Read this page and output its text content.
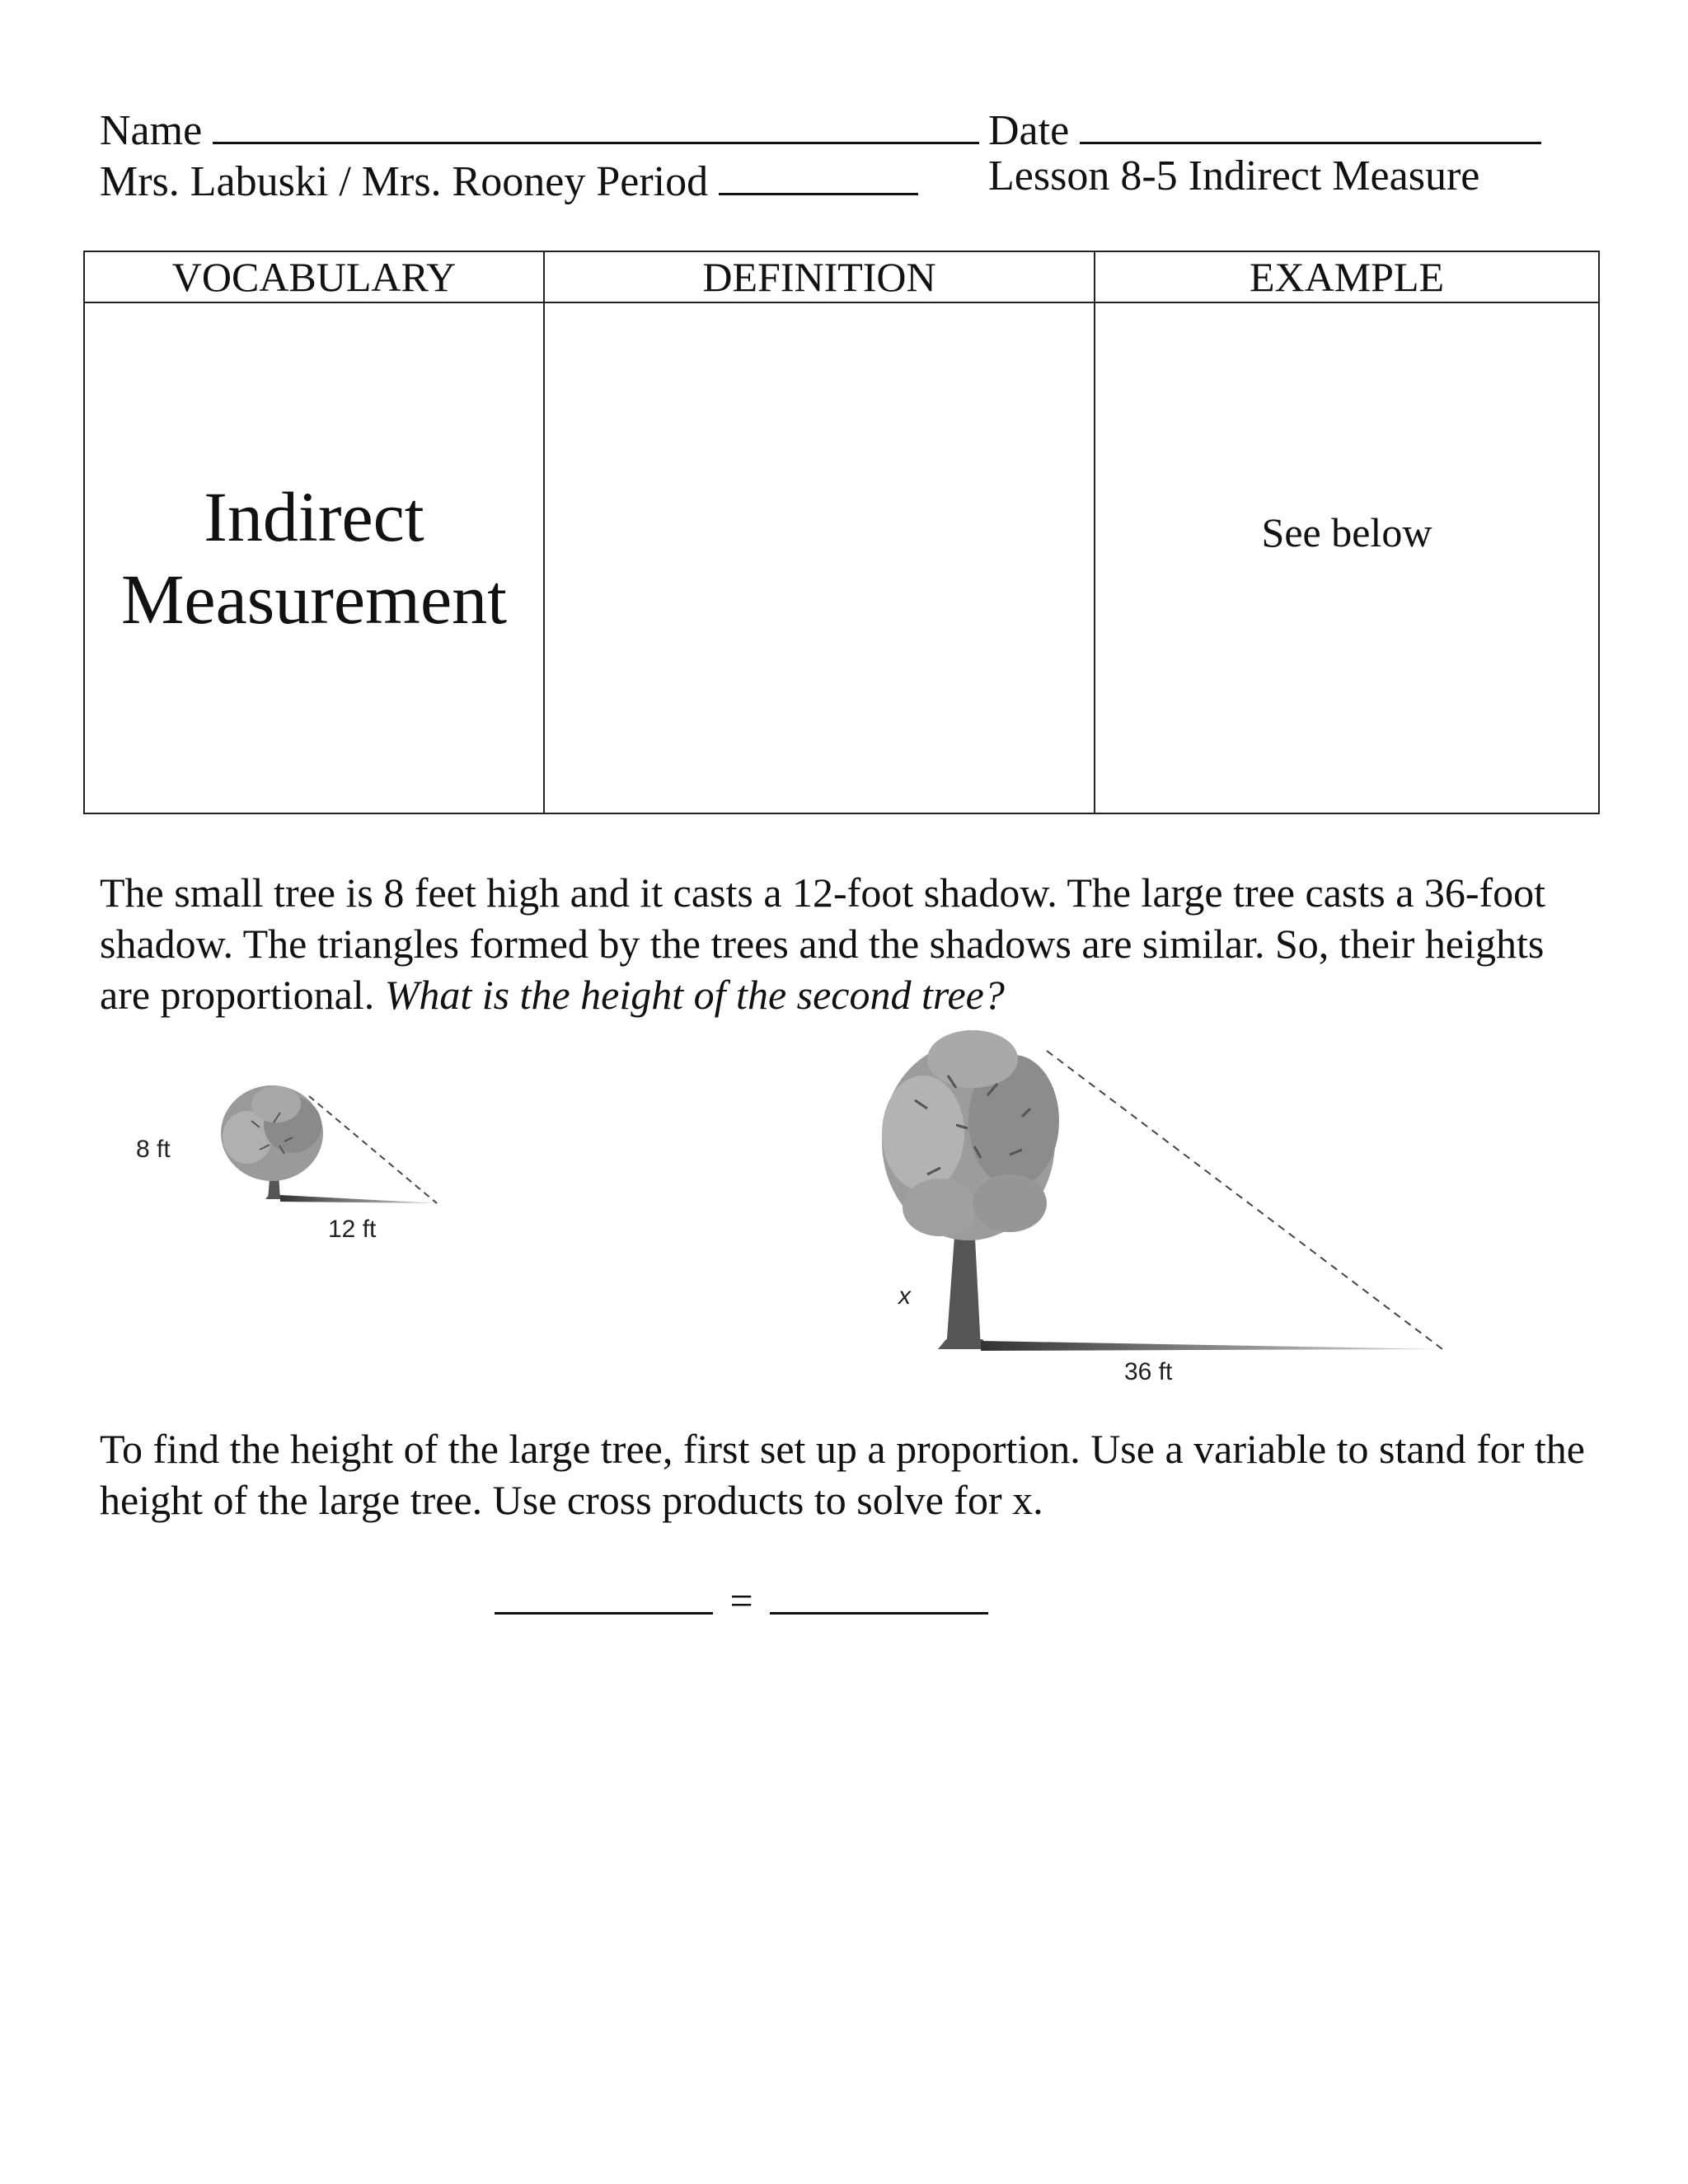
Name	Date
Mrs. Labuski / Mrs. Rooney Period	Lesson 8-5 Indirect Measure
VOCABULARY	DEFINITION	EXAMPLE

Indirect
Measurement		See below
The small tree is 8 feet high and it casts a 12-foot shadow. The large tree casts a 36-foot shadow. The triangles formed by the trees and the shadows are similar. So, their heights are proportional. What is the height of the second tree?
8 ft
12 ft
x
36 ft
To find the height of the large tree, first set up a proportion. Use a variable to stand for the height of the large tree. Use cross products to solve for x.
=
